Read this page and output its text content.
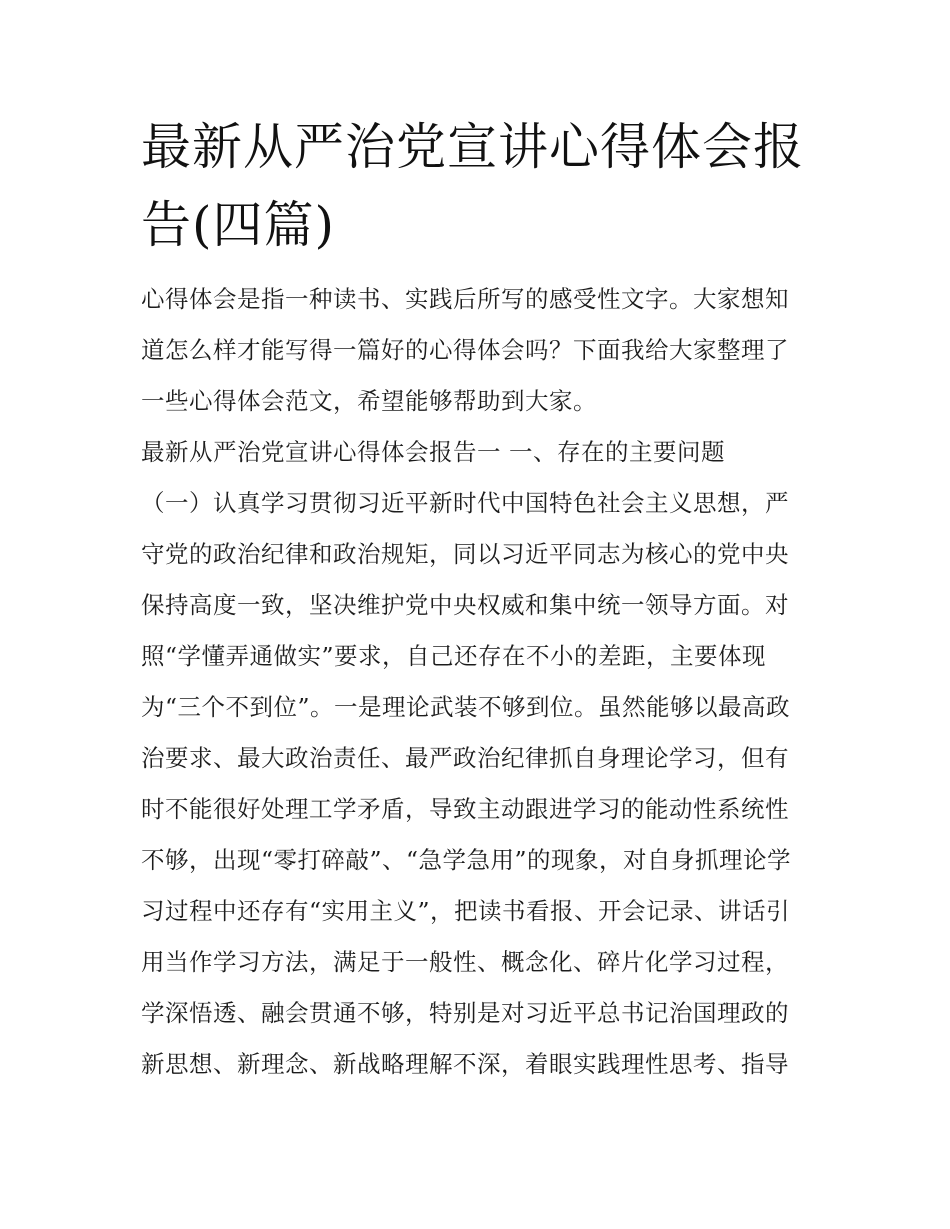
最新从严治党宣讲心得体会报
告(四篇)

心得体会是指一种读书、实践后所写的感受性文字。大家想知
道怎么样才能写得一篇好的心得体会吗？下面我给大家整理了
一些心得体会范文，希望能够帮助到大家。

最新从严治党宣讲心得体会报告一 一、存在的主要问题

（一）认真学习贯彻习近平新时代中国特色社会主义思想，严
守党的政治纪律和政治规矩，同以习近平同志为核心的党中央
保持高度一致，坚决维护党中央权威和集中统一领导方面。对
照“学懂弄通做实”要求，自己还存在不小的差距，主要体现
为“三个不到位”。一是理论武装不够到位。虽然能够以最高政
治要求、最大政治责任、最严政治纪律抓自身理论学习，但有
时不能很好处理工学矛盾，导致主动跟进学习的能动性系统性
不够，出现“零打碎敲”、“急学急用”的现象，对自身抓理论学
习过程中还存有“实用主义”，把读书看报、开会记录、讲话引
用当作学习方法，满足于一般性、概念化、碎片化学习过程，
学深悟透、融会贯通不够，特别是对习近平总书记治国理政的
新思想、新理念、新战略理解不深，着眼实践理性思考、指导
